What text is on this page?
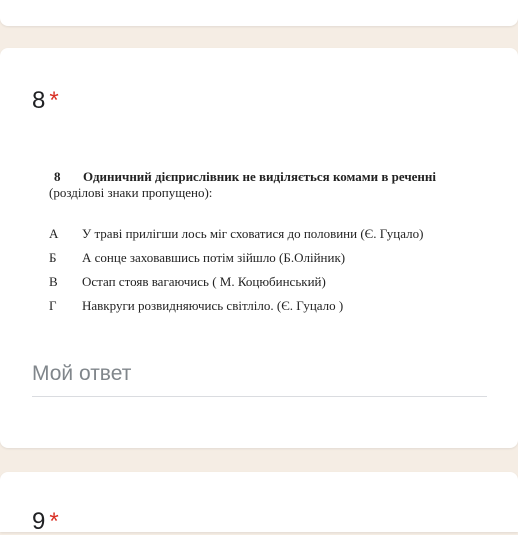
8 *
8 Одиничний дієприслівник не виділяється комами в реченні
(розділові знаки пропущено):
А	У траві прилігши лось міг сховатися до половини (Є. Гуцало)
Б	А сонце заховавшись потім зійшло (Б.Олійник)
В	Остап стояв вагаючись ( М. Коцюбинський)
Г	Навкруги розвидняючись світліло. (Є. Гуцало )
Мой ответ
9 *
